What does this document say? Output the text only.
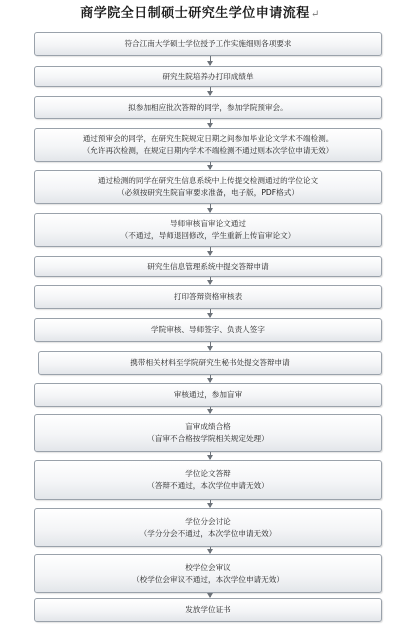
商学院全日制硕士研究生学位申请流程↵
符合江南大学硕士学位授予工作实施细则各项要求
研究生院培养办打印成绩单
拟参加相应批次答辩的同学，参加学院预审会。
通过预审会的同学，在研究生院规定日期之间参加毕业论文学术不端检测。
（允许再次检测，在规定日期内学术不端检测不通过则本次学位申请无效）
通过检测的同学在研究生信息系统中上传提交检测通过的学位论文
（必须按研究生院盲审要求准备，电子版，PDF格式）
导师审核盲审论文通过
（不通过，导师退回修改，学生重新上传盲审论文）
研究生信息管理系统中提交答辩申请
打印答辩资格审核表
学院审核、导师签字、负责人签字
携带相关材料至学院研究生秘书处提交答辩申请
审核通过，参加盲审
盲审成绩合格
（盲审不合格按学院相关规定处理）
学位论文答辩
（答辩不通过，本次学位申请无效）
学位分会讨论
（学分分会不通过，本次学位申请无效）
校学位会审议
（校学位会审议不通过，本次学位申请无效）
发放学位证书
